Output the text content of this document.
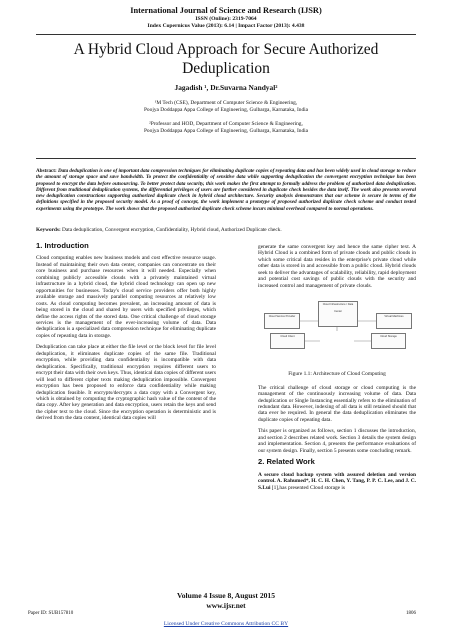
International Journal of Science and Research (IJSR)
ISSN (Online): 2319-7064
Index Copernicus Value (2013): 6.14 | Impact Factor (2013): 4.438
A Hybrid Cloud Approach for Secure Authorized Deduplication
Jagadish ¹, Dr.Suvarna Nandyal²
¹M Tech (CSE), Department of Computer Science & Engineering,
Poojya Doddappa Appa College of Engineering, Gulbarga, Karnataka, India
²Professor and HOD, Department of Computer Science & Engineering,
Poojya Doddappa Appa College of Engineering, Gulbarga, Karnataka, India
Abstract: Data deduplication is one of important data compression techniques for eliminating duplicate copies of repeating data and has been widely used in cloud storage to reduce the amount of storage space and save bandwidth. To protect the confidentiality of sensitive data while supporting deduplication the convergent encryption technique has been proposed to encrypt the data before outsourcing. To better protect data security, this work makes the first attempt to formally address the problem of authorized data deduplication. Different from traditional deduplication systems, the differential privileges of users are further considered in duplicate check besides the data itself. The work also presents several new deduplication constructions supporting authorized duplicate check in hybrid cloud architecture. Security analysis demonstrates that our scheme is secure in terms of the definitions specified in the proposed security model. As a proof of concept, the work implement a prototype of proposed authorized duplicate check scheme and conduct tested experiments using the prototype. The work shows that the proposed authorized duplicate check scheme incurs minimal overhead compared to normal operations.
Keywords: Data deduplication, Convergent encryption, Confidentiality, Hybrid cloud, Authorized Duplicate check.
1. Introduction

Cloud computing enables new business models and cost effective resource usage. Instead of maintaining their own data center, companies can concentrate on their core business and purchase resources when it will needed. Especially when combining publicly accessible clouds with a privately maintained virtual infrastructure in a hybrid cloud, the hybrid cloud technology can open up new opportunities for businesses. Today's cloud service providers offer both highly available storage and massively parallel computing resources at relatively low costs. As cloud computing becomes prevalent, an increasing amount of data is being stored in the cloud and shared by users with specified privileges, which define the access rights of the stored data. One critical challenge of cloud storage services is the management of the ever-increasing volume of data. Data deduplication is a specialized data compression technique for eliminating duplicate copies of repeating data in storage.

Deduplication can take place at either the file level or the block level for file level deduplication, it eliminates duplicate copies of the same file. Traditional encryption, while providing data confidentiality is incompatible with data deduplication. Specifically, traditional encryption requires different users to encrypt their data with their own keys. Thus, identical data copies of different users will lead to different cipher texts making deduplication impossible. Convergent encryption has been proposed to enforce data confidentiality while making deduplication feasible. It encrypts/decrypts a data copy with a Convergent key, which is obtained by computing the cryptographic hash value of the content of the data copy. After key generation and data encryption, users retain the keys and send the cipher text to the cloud. Since the encryption operation is deterministic and is derived from the data content, identical data copies will

generate the same convergent key and hence the same cipher text. A Hybrid Cloud is a combined form of private clouds and public clouds in which some critical data resides in the enterprise's private cloud while other data is stored in and accessible from a public cloud. Hybrid clouds seek to deliver the advantages of scalability, reliability, rapid deployment and potential cost savings of public clouds with the security and increased control and management of private clouds.

Cloud Service Provider
Cloud Infrastructure / Data Center
Virtual Machines
Cloud Client	Cloud Storage
Figure 1.1: Architecture of Cloud Computing

The critical challenge of cloud storage or cloud computing is the management of the continuously increasing volume of data. Data deduplication or Single Instancing essentially refers to the elimination of redundant data. However, indexing of all data is still retained should that data ever be required. In general the data deduplication eliminates the duplicate copies of repeating data.

This paper is organized as follows, section 1 discusses the introduction, and section 2 describes related work. Section 3 details the system design and implementation. Section 4, presents the performance evaluations of our system design. Finally, section 5 presents some concluding remark.

2. Related Work

A secure cloud backup system with assured deletion and version control. A. Rahumed*, H. C. H. Chen, Y. Tang, P. P. C. Lee, and J. C. S.Lui [1],has presented Cloud storage is

Volume 4 Issue 8, August 2015
www.ijsr.net
Paper ID: SUB157810	1806
Licensed Under Creative Commons Attribution CC BY
